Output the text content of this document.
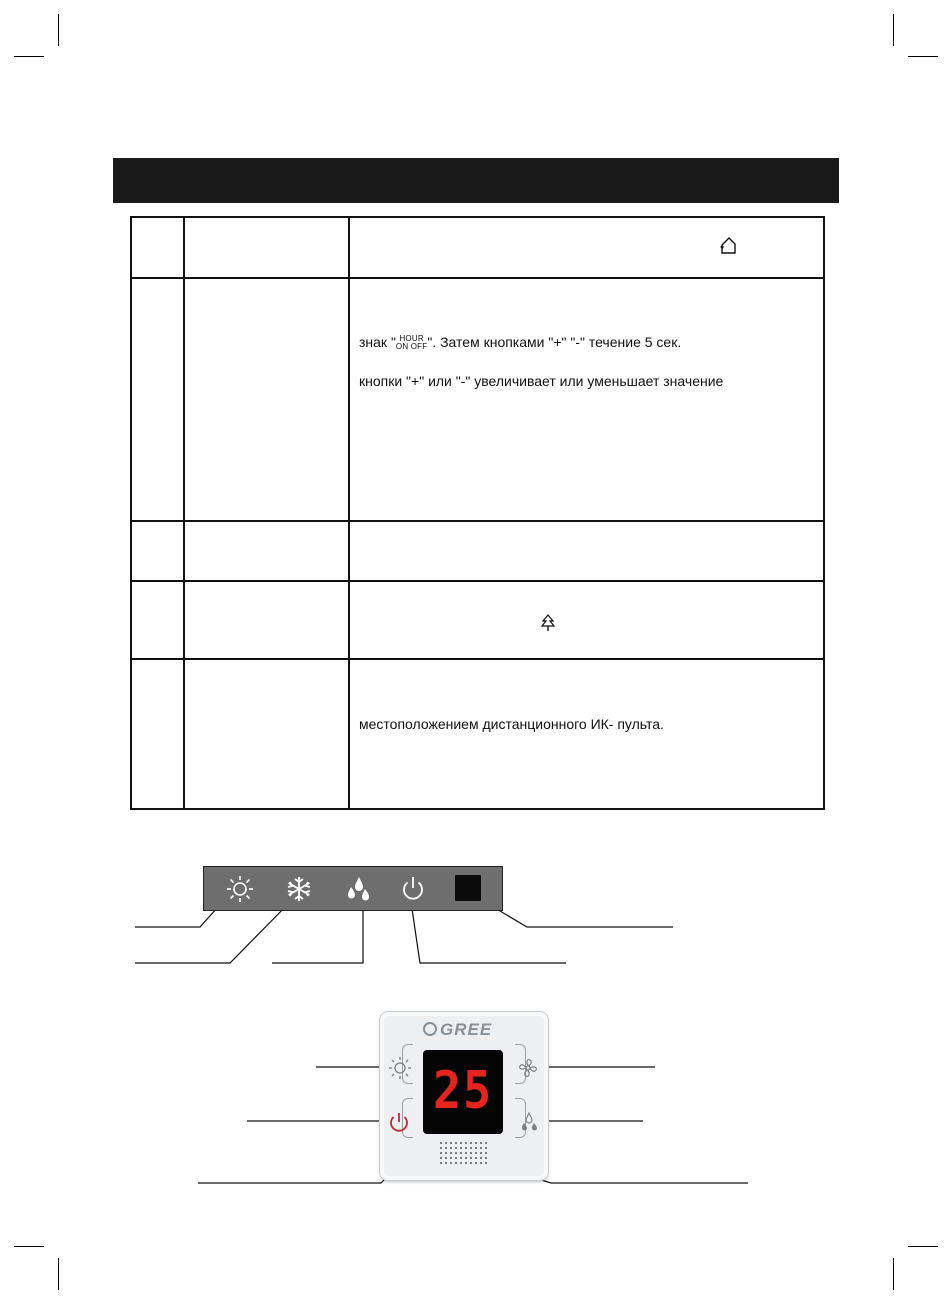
знак " HOUR
ON OFF ". Затем кнопками "+" "-" течение 5 сек.
кнопки "+" или "-" увеличивает или уменьшает значение
местоположением дистанционного ИК- пульта.
GREE
25
